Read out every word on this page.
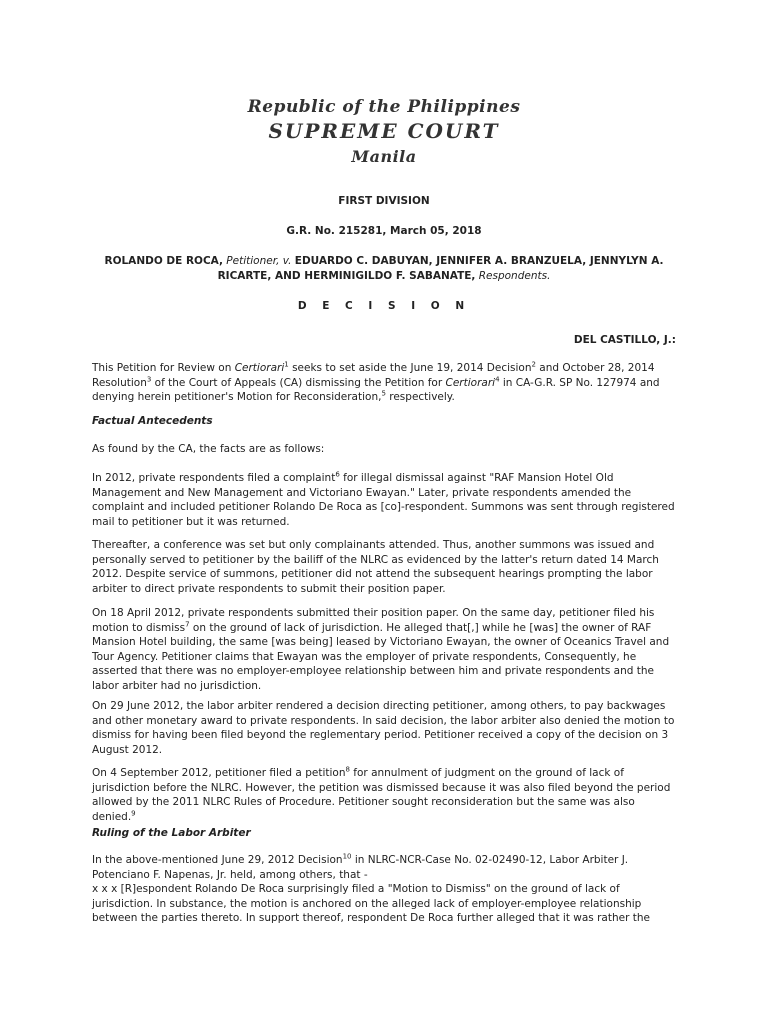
Republic of the Philippines
SUPREME COURT
Manila
FIRST DIVISION
G.R. No. 215281, March 05, 2018
ROLANDO DE ROCA, Petitioner, v. EDUARDO C. DABUYAN, JENNIFER A. BRANZUELA, JENNYLYN A.
RICARTE, AND HERMINIGILDO F. SABANATE, Respondents.
D E C I S I O N
DEL CASTILLO, J.:

This Petition for Review on Certiorari$^1$ seeks to set aside the June 19, 2014 Decision$^2$ and October 28, 2014 Resolution$^3$ of the Court of Appeals (CA) dismissing the Petition for Certiorari$^4$ in CA-G.R. SP No. 127974 and denying herein petitioner's Motion for Reconsideration,$^5$ respectively.

Factual Antecedents

As found by the CA, the facts are as follows:

In 2012, private respondents filed a complaint$^6$ for illegal dismissal against "RAF Mansion Hotel Old Management and New Management and Victoriano Ewayan." Later, private respondents amended the complaint and included petitioner Rolando De Roca as [co]-respondent. Summons was sent through registered mail to petitioner but it was returned.

Thereafter, a conference was set but only complainants attended. Thus, another summons was issued and personally served to petitioner by the bailiff of the NLRC as evidenced by the latter's return dated 14 March 2012. Despite service of summons, petitioner did not attend the subsequent hearings prompting the labor arbiter to direct private respondents to submit their position paper.

On 18 April 2012, private respondents submitted their position paper. On the same day, petitioner filed his motion to dismiss$^7$ on the ground of lack of jurisdiction. He alleged that[,] while he [was] the owner of RAF Mansion Hotel building, the same [was being] leased by Victoriano Ewayan, the owner of Oceanics Travel and Tour Agency. Petitioner claims that Ewayan was the employer of private respondents, Consequently, he asserted that there was no employer-employee relationship between him and private respondents and the labor arbiter had no jurisdiction.

On 29 June 2012, the labor arbiter rendered a decision directing petitioner, among others, to pay backwages and other monetary award to private respondents. In said decision, the labor arbiter also denied the motion to dismiss for having been filed beyond the reglementary period. Petitioner received a copy of the decision on 3 August 2012.

On 4 September 2012, petitioner filed a petition$^8$ for annulment of judgment on the ground of lack of jurisdiction before the NLRC. However, the petition was dismissed because it was also filed beyond the period allowed by the 2011 NLRC Rules of Procedure. Petitioner sought reconsideration but the same was also denied.$^9$

Ruling of the Labor Arbiter

In the above-mentioned June 29, 2012 Decision$^{10}$ in NLRC-NCR-Case No. 02-02490-12, Labor Arbiter J. Potenciano F. Napenas, Jr. held, among others, that -
x x x [R]espondent Rolando De Roca surprisingly filed a "Motion to Dismiss" on the ground of lack of jurisdiction. In substance, the motion is anchored on the alleged lack of employer-employee relationship between the parties thereto. In support thereof, respondent De Roca further alleged that it was rather the
